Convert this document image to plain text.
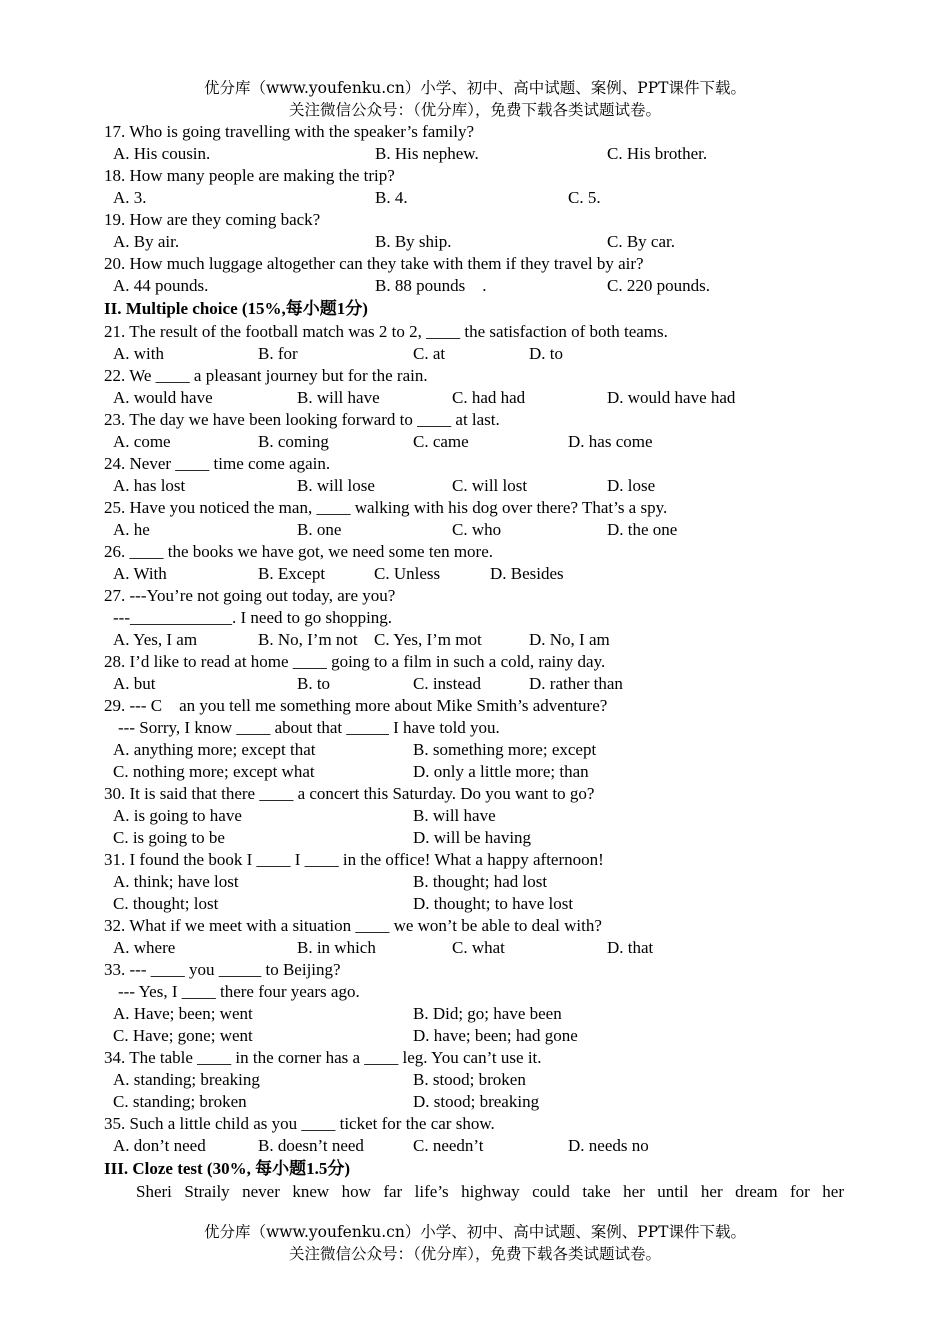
优分库（www.youfenku.cn）小学、初中、高中试题、案例、PPT课件下载。
关注微信公众号：（优分库），免费下载各类试题试卷。
17. Who is going travelling with the speaker’s family?
A. His cousin.	B. His nephew.	C. His brother.
18. How many people are making the trip?
A. 3.	B. 4.	C. 5.
19. How are they coming back?
A. By air.	B. By ship.	C. By car.
20. How much luggage altogether can they take with them if they travel by air?
A. 44 pounds.	B. 88 pounds　.	C. 220 pounds.
II. Multiple choice (15%,每小题1分)
21. The result of the football match was 2 to 2, ____ the satisfaction of both teams.
A. with	B. for	C. at	D. to
22. We ____ a pleasant journey but for the rain.
A. would have	B. will have	C. had had	D. would have had
23. The day we have been looking forward to ____ at last.
A. come	B. coming	C. came	D. has come
24. Never ____ time come again.
A. has lost	B. will lose	C. will lost	D. lose
25. Have you noticed the man, ____ walking with his dog over there? That’s a spy.
A. he	B. one	C. who	D. the one
26. ____ the books we have got, we need some ten more.
A. With	B. Except	C. Unless	D. Besides
27. ---You’re not going out today, are you?
---____________. I need to go shopping.
A. Yes, I am	B. No, I’m not C. Yes, I’m mot	D. No, I am
28. I’d like to read at home ____ going to a film in such a cold, rainy day.
A. but	B. to	C. instead	D. rather than
29. --- C　an you tell me something more about Mike Smith’s adventure?
--- Sorry, I know ____ about that _____ I have told you.
A. anything more; except that	B. something more; except
C. nothing more; except what	D. only a little more; than
30. It is said that there ____ a concert this Saturday. Do you want to go?
A. is going to have	B. will have
C. is going to be	D. will be having
31. I found the book I ____ I ____ in the office! What a happy afternoon!
A. think; have lost	B. thought; had lost
C. thought; lost	D. thought; to have lost
32. What if we meet with a situation ____ we won’t be able to deal with?
A. where	B. in which	C. what	D. that
33. --- ____ you _____ to Beijing?
--- Yes, I ____ there four years ago.
A. Have; been; went	B. Did; go; have been
C. Have; gone; went	D. have; been; had gone
34. The table ____ in the corner has a ____ leg. You can’t use it.
A. standing; breaking	B. stood; broken
C. standing; broken	D. stood; breaking
35. Such a little child as you ____ ticket for the car show.
A. don’t need	B. doesn’t need	C. needn’t	D. needs no
III. Cloze test (30%, 每小题1.5分)
Sheri Straily never knew how far life’s highway could take her until her dream for her
优分库（www.youfenku.cn）小学、初中、高中试题、案例、PPT课件下载。
关注微信公众号：（优分库），免费下载各类试题试卷。
